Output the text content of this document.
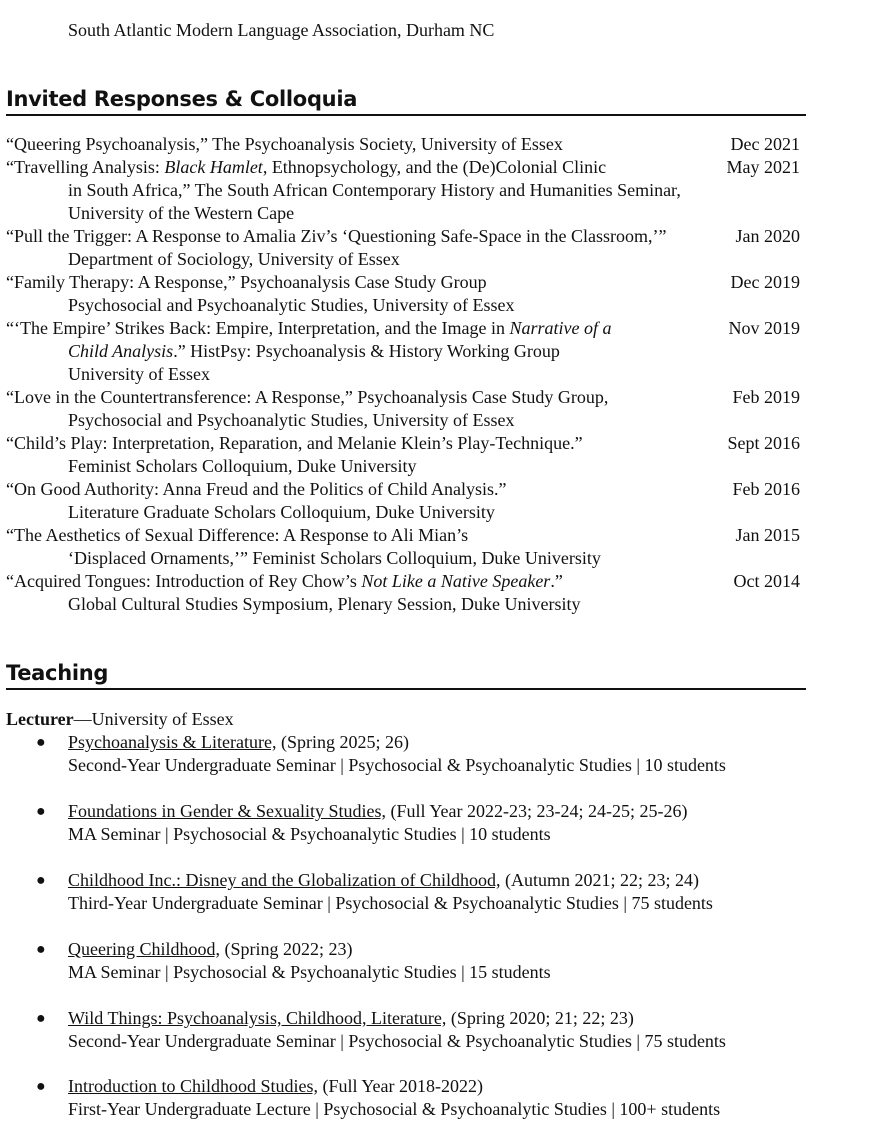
South Atlantic Modern Language Association, Durham NC
Invited Responses & Colloquia
“Queering Psychoanalysis,” The Psychoanalysis Society, University of Essex	Dec 2021
“Travelling Analysis: Black Hamlet, Ethnopsychology, and the (De)Colonial Clinic	May 2021
in South Africa,” The South African Contemporary History and Humanities Seminar,
University of the Western Cape
“Pull the Trigger: A Response to Amalia Ziv’s ‘Questioning Safe-Space in the Classroom,’”	Jan 2020
Department of Sociology, University of Essex
“Family Therapy: A Response,” Psychoanalysis Case Study Group	Dec 2019
Psychosocial and Psychoanalytic Studies, University of Essex
“‘The Empire’ Strikes Back: Empire, Interpretation, and the Image in Narrative of a	Nov 2019
Child Analysis.” HistPsy: Psychoanalysis & History Working Group
University of Essex
“Love in the Countertransference: A Response,” Psychoanalysis Case Study Group,	Feb 2019
Psychosocial and Psychoanalytic Studies, University of Essex
“Child’s Play: Interpretation, Reparation, and Melanie Klein’s Play-Technique.”	Sept 2016
Feminist Scholars Colloquium, Duke University
“On Good Authority: Anna Freud and the Politics of Child Analysis.”	Feb 2016
Literature Graduate Scholars Colloquium, Duke University
“The Aesthetics of Sexual Difference: A Response to Ali Mian’s	Jan 2015
‘Displaced Ornaments,’” Feminist Scholars Colloquium, Duke University
“Acquired Tongues: Introduction of Rey Chow’s Not Like a Native Speaker.”	Oct 2014
Global Cultural Studies Symposium, Plenary Session, Duke University
Teaching
Lecturer—University of Essex
● Psychoanalysis & Literature, (Spring 2025; 26)
Second-Year Undergraduate Seminar | Psychosocial & Psychoanalytic Studies | 10 students
● Foundations in Gender & Sexuality Studies, (Full Year 2022-23; 23-24; 24-25; 25-26)
MA Seminar | Psychosocial & Psychoanalytic Studies | 10 students
● Childhood Inc.: Disney and the Globalization of Childhood, (Autumn 2021; 22; 23; 24)
Third-Year Undergraduate Seminar | Psychosocial & Psychoanalytic Studies | 75 students
● Queering Childhood, (Spring 2022; 23)
MA Seminar | Psychosocial & Psychoanalytic Studies | 15 students
● Wild Things: Psychoanalysis, Childhood, Literature, (Spring 2020; 21; 22; 23)
Second-Year Undergraduate Seminar | Psychosocial & Psychoanalytic Studies | 75 students
● Introduction to Childhood Studies, (Full Year 2018-2022)
First-Year Undergraduate Lecture | Psychosocial & Psychoanalytic Studies | 100+ students
